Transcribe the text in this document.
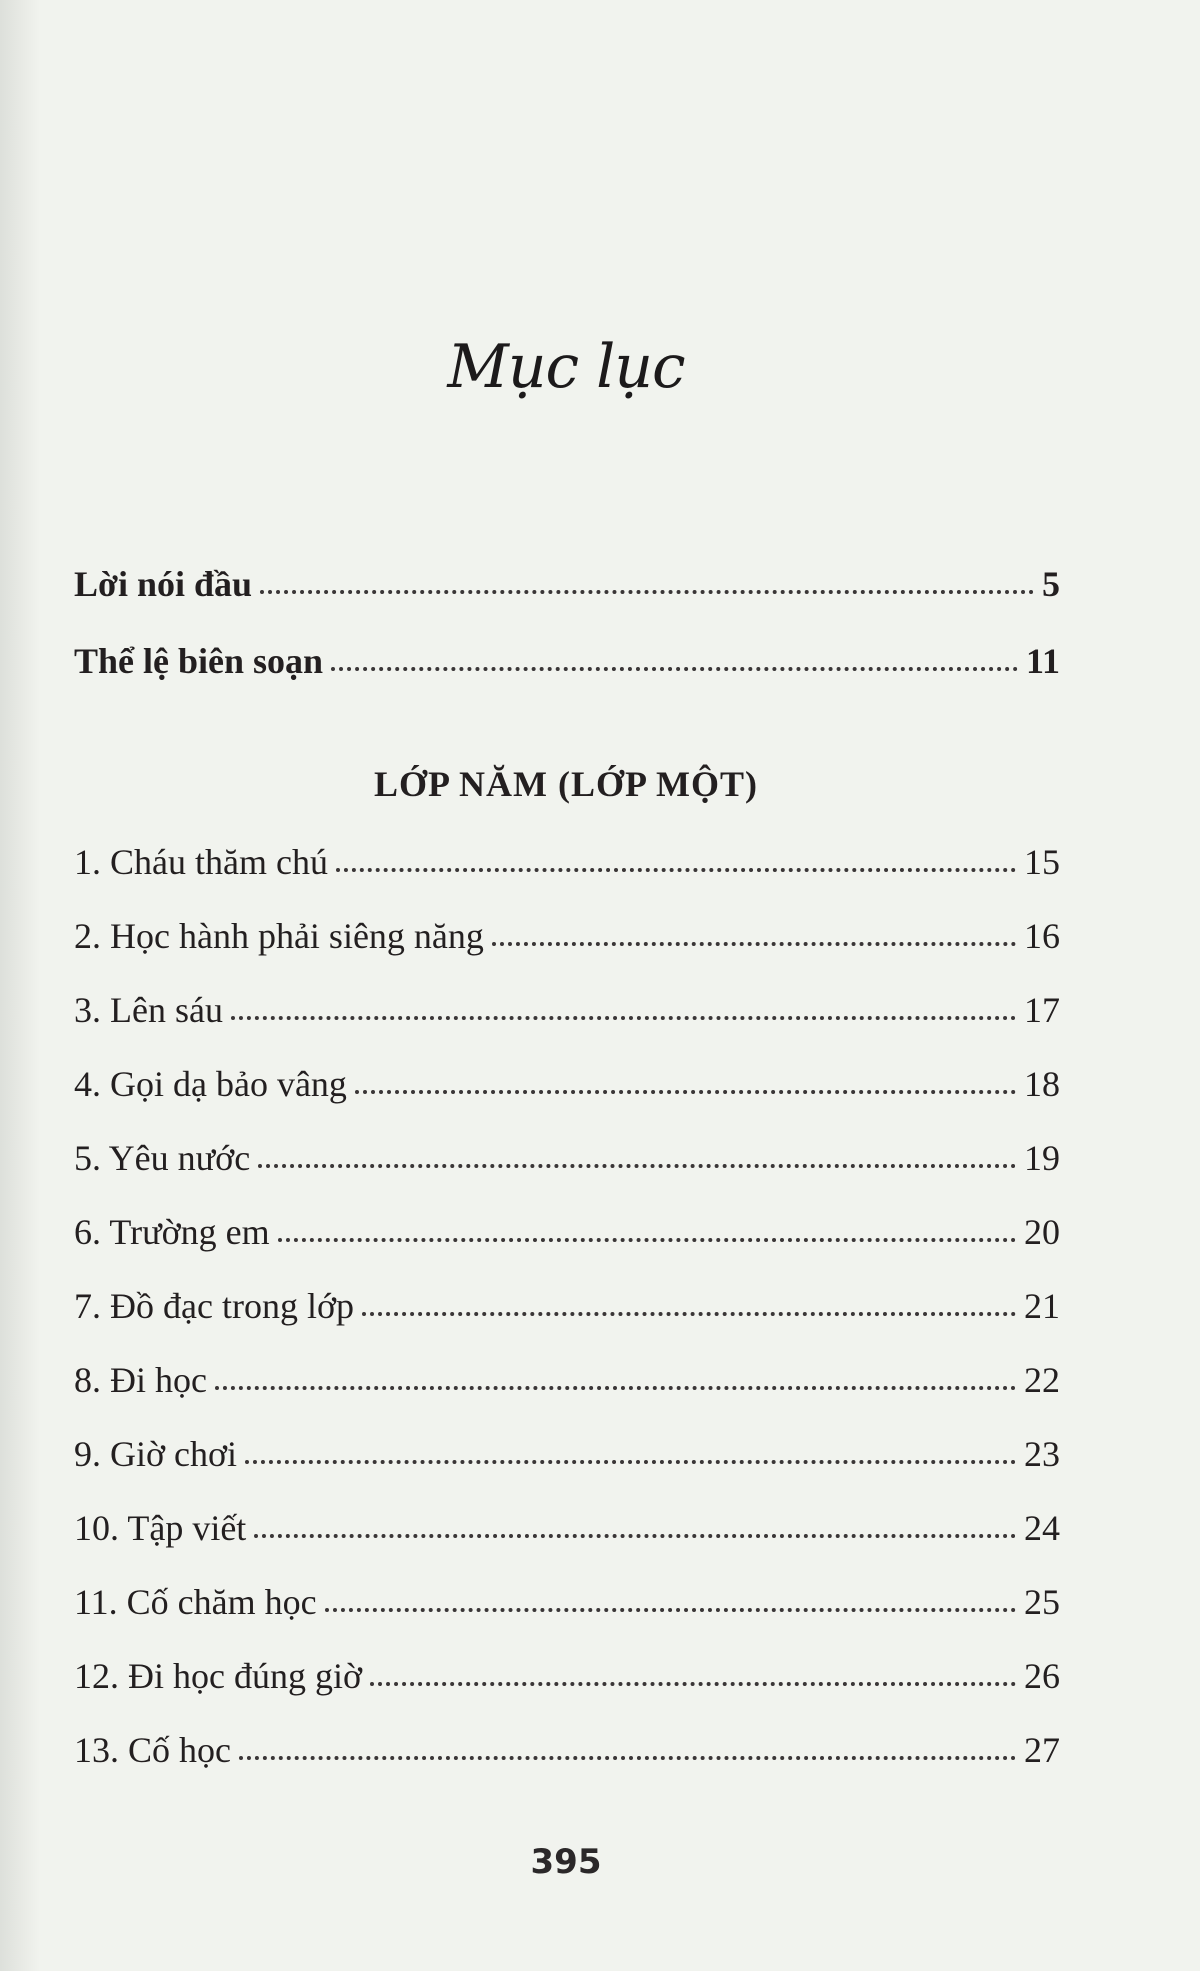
Mục lục
Lời nói đầu	5
Thể lệ biên soạn	11
LỚP NĂM (LỚP MỘT)
1. Cháu thăm chú	15
2. Học hành phải siêng năng	16
3. Lên sáu	17
4. Gọi dạ bảo vâng	18
5. Yêu nước	19
6. Trường em	20
7. Đồ đạc trong lớp	21
8. Đi học	22
9. Giờ chơi	23
10. Tập viết	24
11. Cố chăm học	25
12. Đi học đúng giờ	26
13. Cố học	27
395
